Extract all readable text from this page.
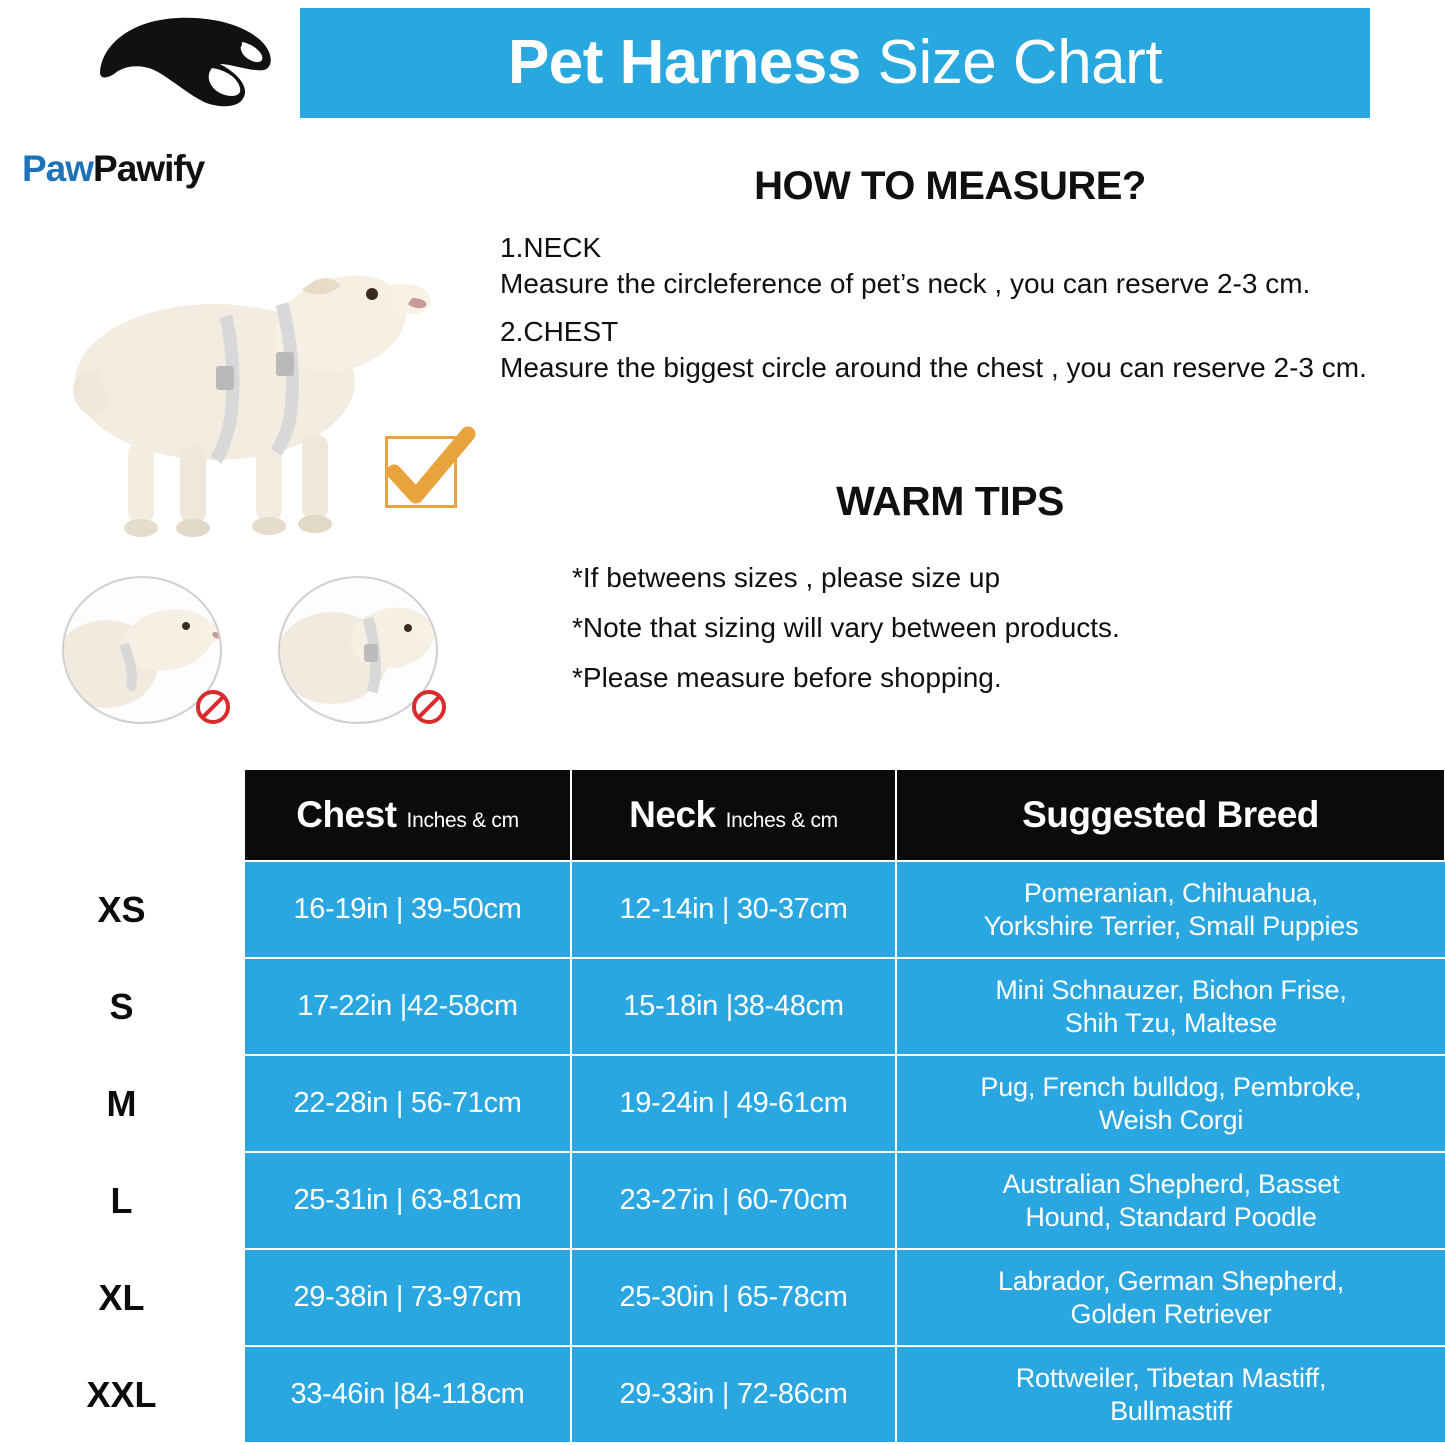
Pet Harness Size Chart
PawPawify	HOW TO MEASURE?
1.NECK
Measure the circleference of pet’s neck , you can reserve 2-3 cm.
2.CHEST
Measure the biggest circle around the chest , you can reserve 2-3 cm.
WARM TIPS
*If betweens sizes , please size up
*Note that sizing will vary between products.
*Please measure before shopping.
	Chest Inches & cm	Neck Inches & cm	Suggested Breed
XS	16-19in | 39-50cm	12-14in | 30-37cm	Pomeranian, Chihuahua,
Yorkshire Terrier, Small Puppies

S	17-22in |42-58cm	15-18in |38-48cm	Mini Schnauzer, Bichon Frise,
Shih Tzu, Maltese

M	22-28in | 56-71cm	19-24in | 49-61cm	Pug, French bulldog, Pembroke,
Weish Corgi

L	25-31in | 63-81cm	23-27in | 60-70cm	Australian Shepherd, Basset
Hound, Standard Poodle

XL	29-38in | 73-97cm	25-30in | 65-78cm	Labrador, German Shepherd,
Golden Retriever

XXL	33-46in |84-118cm	29-33in | 72-86cm	Rottweiler, Tibetan Mastiff,
Bullmastiff
